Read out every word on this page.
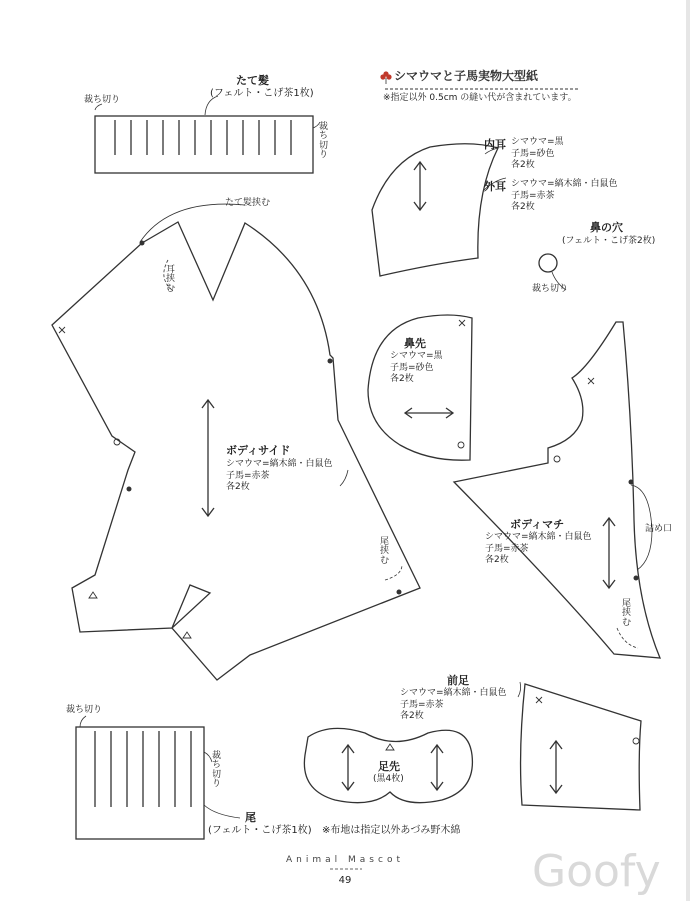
シマウマと子馬実物大型紙
※指定以外 0.5cm の縫い代が含まれています。
たて髪
(フェルト・こげ茶1枚)
裁ち切り
裁ち切り
内耳 シマウマ=黒
子馬=砂色
各2枚
外耳 シマウマ=縞木綿・白鼠色
子馬=赤茶
各2枚
鼻の穴
(フェルト・こげ茶2枚)
裁ち切り
鼻先
シマウマ=黒
子馬=砂色
各2枚
たて髪挟む
耳挟む
ボディサイド
シマウマ=縞木綿・白鼠色
子馬=赤茶
各2枚
尾挟む
ボディマチ
シマウマ=縞木綿・白鼠色
子馬=赤茶
各2枚
詰め口
尾挟む
前足
シマウマ=縞木綿・白鼠色
子馬=赤茶
各2枚
足先
(黒4枚)
裁ち切り
裁ち切り
尾
(フェルト・こげ茶1枚) ※布地は指定以外あづみ野木綿
Animal Mascot
49	Goofy
